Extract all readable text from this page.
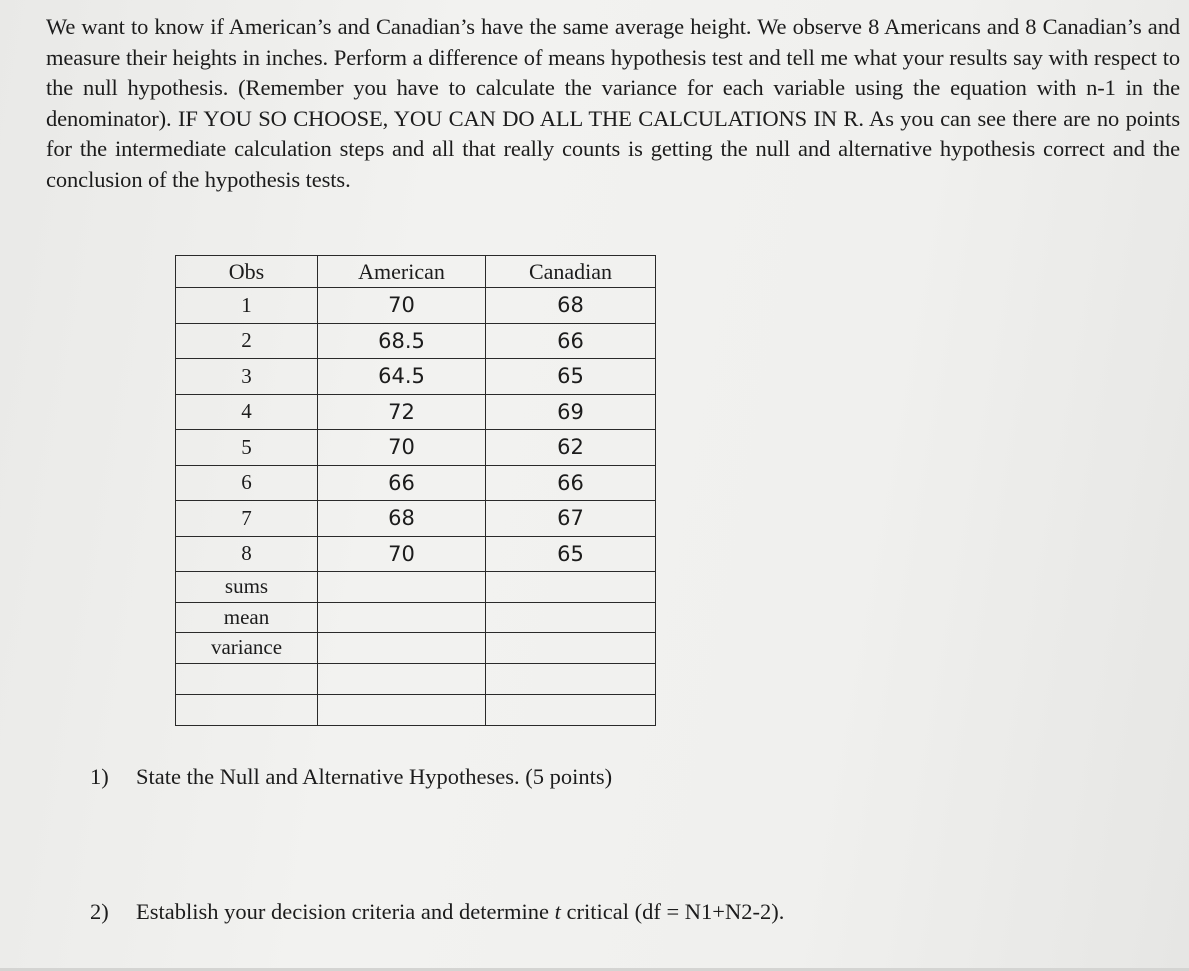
We want to know if American’s and Canadian’s have the same average height. We observe 8 Americans and 8 Canadian’s and measure their heights in inches. Perform a difference of means hypothesis test and tell me what your results say with respect to the null hypothesis. (Remember you have to calculate the variance for each variable using the equation with n-1 in the denominator). IF YOU SO CHOOSE, YOU CAN DO ALL THE CALCULATIONS IN R. As you can see there are no points for the intermediate calculation steps and all that really counts is getting the null and alternative hypothesis correct and the conclusion of the hypothesis tests.

Obs	American	Canadian
1	70	68
2	68.5	66
3	64.5	65
4	72	69
5	70	62
6	66	66
7	68	67
8	70	65
sums		
mean		
variance		

1) State the Null and Alternative Hypotheses. (5 points)

2) Establish your decision criteria and determine t critical (df = N1+N2-2).
